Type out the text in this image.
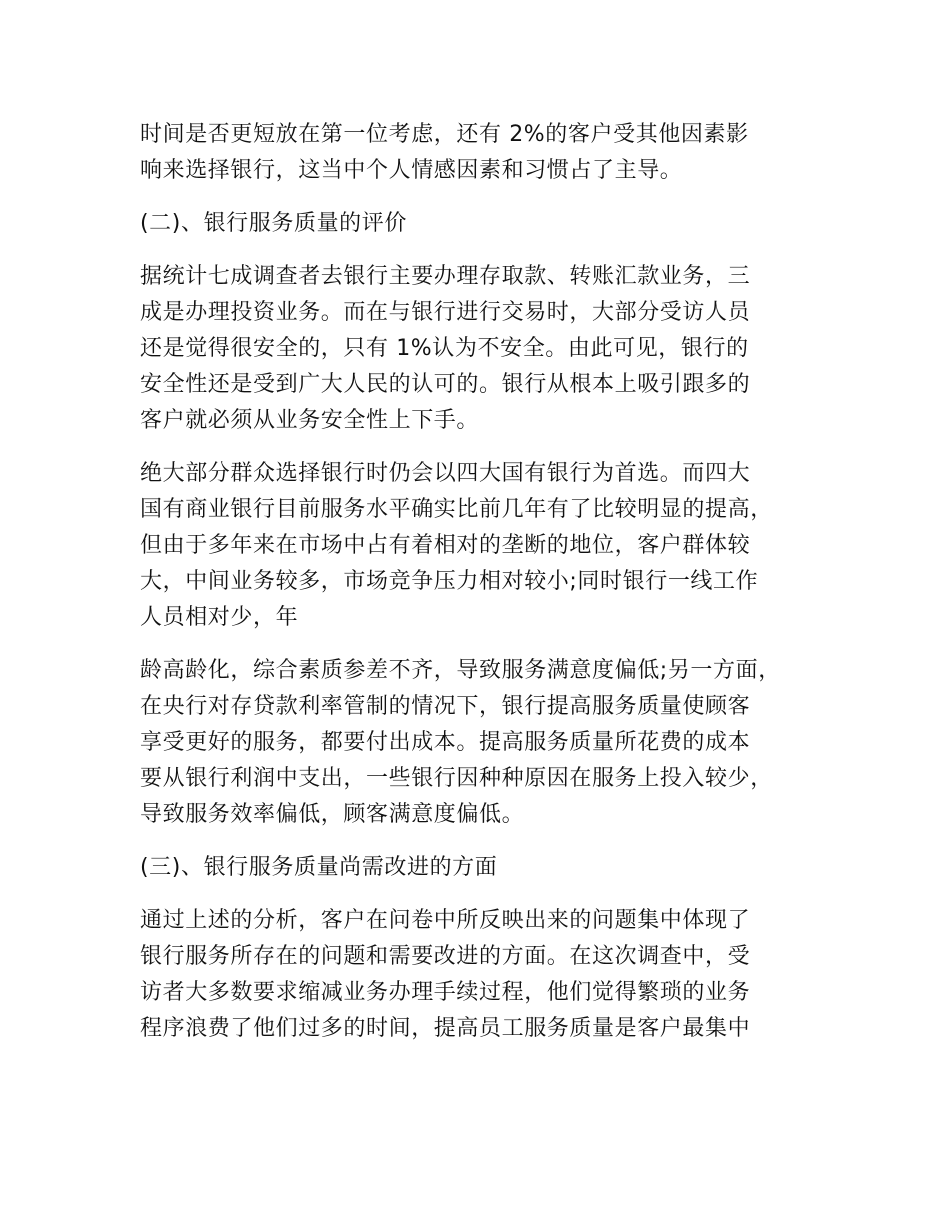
时间是否更短放在第一位考虑，还有 2%的客户受其他因素影
响来选择银行，这当中个人情感因素和习惯占了主导。
(二)、银行服务质量的评价
据统计七成调查者去银行主要办理存取款、转账汇款业务，三
成是办理投资业务。而在与银行进行交易时，大部分受访人员
还是觉得很安全的，只有 1%认为不安全。由此可见，银行的
安全性还是受到广大人民的认可的。银行从根本上吸引跟多的
客户就必须从业务安全性上下手。
绝大部分群众选择银行时仍会以四大国有银行为首选。而四大
国有商业银行目前服务水平确实比前几年有了比较明显的提高，
但由于多年来在市场中占有着相对的垄断的地位，客户群体较
大，中间业务较多，市场竞争压力相对较小;同时银行一线工作
人员相对少，年
龄高龄化，综合素质参差不齐，导致服务满意度偏低;另一方面，
在央行对存贷款利率管制的情况下，银行提高服务质量使顾客
享受更好的服务，都要付出成本。提高服务质量所花费的成本
要从银行利润中支出，一些银行因种种原因在服务上投入较少，
导致服务效率偏低，顾客满意度偏低。
(三)、银行服务质量尚需改进的方面
通过上述的分析，客户在问卷中所反映出来的问题集中体现了
银行服务所存在的问题和需要改进的方面。在这次调查中，受
访者大多数要求缩减业务办理手续过程，他们觉得繁琐的业务
程序浪费了他们过多的时间，提高员工服务质量是客户最集中
